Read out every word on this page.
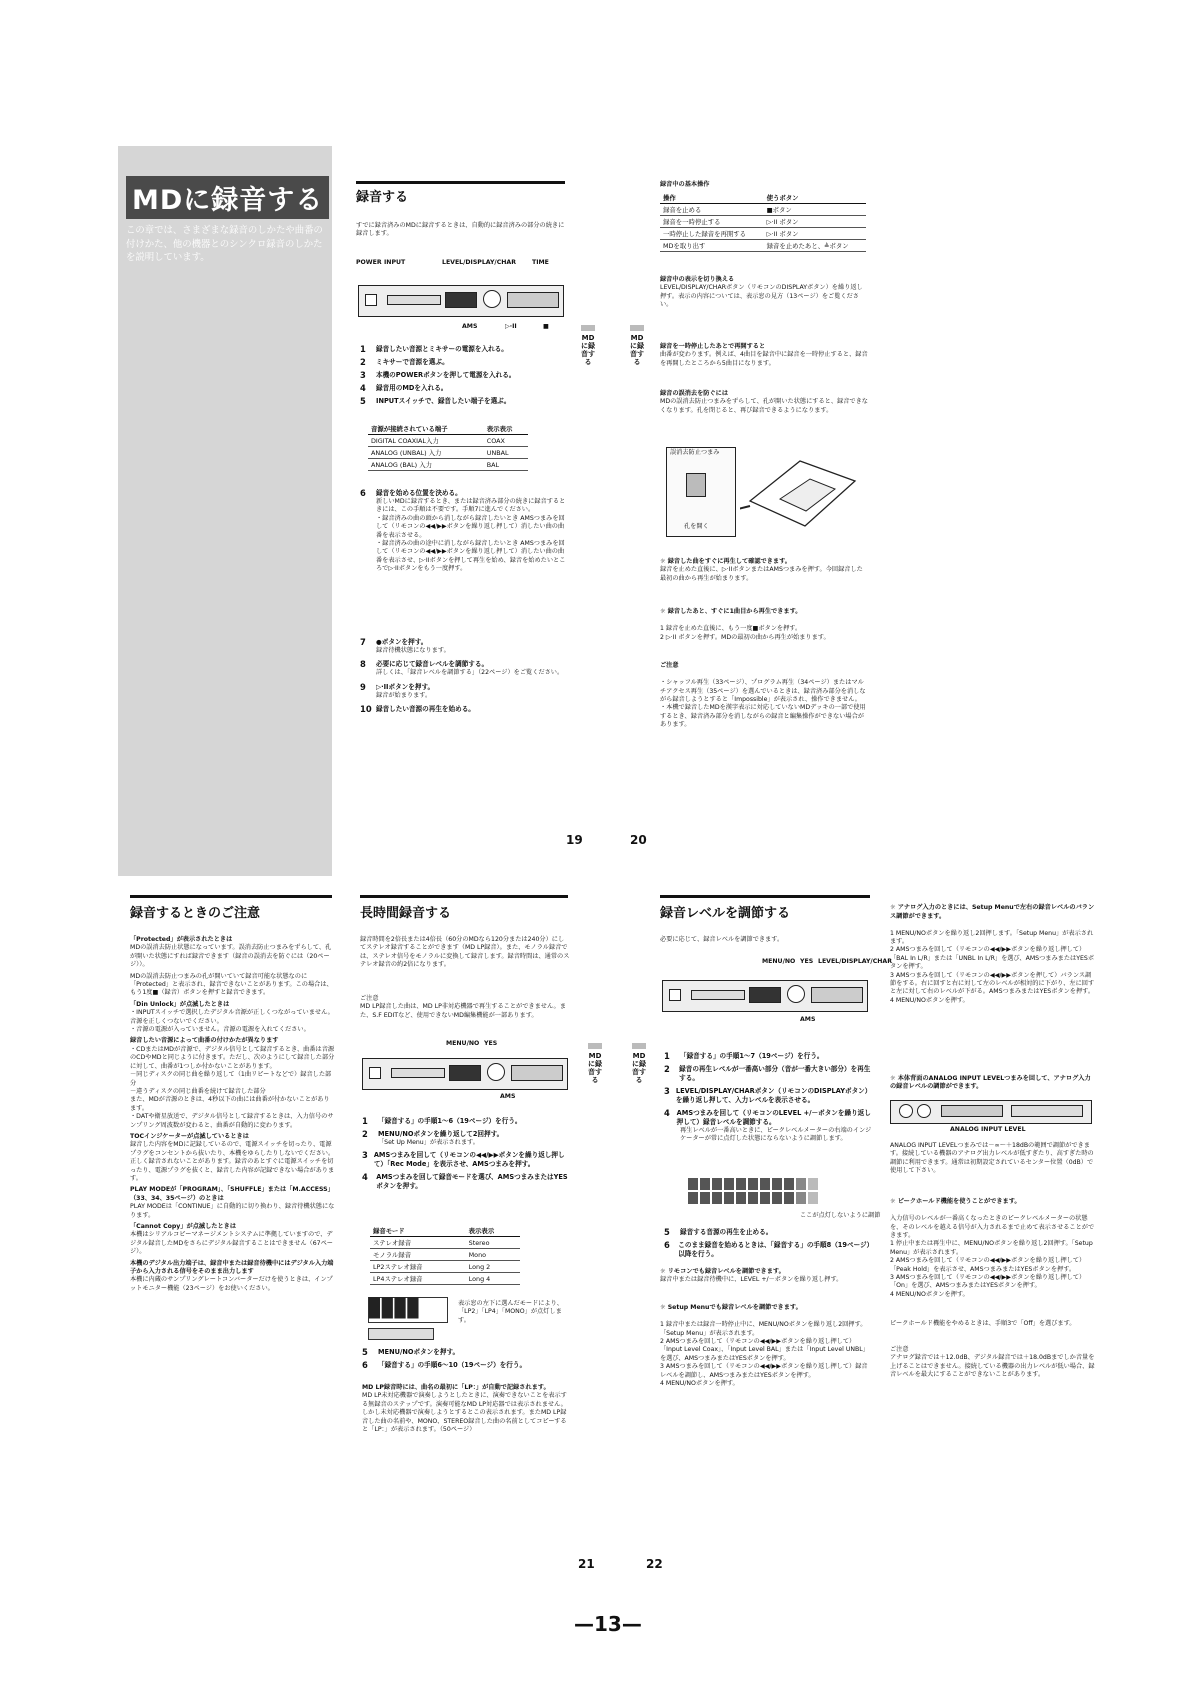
MDに録音する
この章では、さまざまな録音のしかたや曲番の付けかた、他の機器とのシンクロ録音のしかたを説明しています。
録音する
すでに録音済みのMDに録音するときは、自動的に録音済みの部分の続きに録音します。
POWER INPUT	LEVEL/DISPLAY/CHAR	TIME
AMS	▷·II	■
1	録音したい音源とミキサーの電源を入れる。
2	ミキサーで音源を選ぶ。
3	本機のPOWERボタンを押して電源を入れる。
4	録音用のMDを入れる。
5	INPUTスイッチで、録音したい端子を選ぶ。
音源が接続されている端子	表示表示
DIGITAL COAXIAL入力	COAX
ANALOG (UNBAL) 入力	UNBAL
ANALOG (BAL) 入力	BAL
6	録音を始める位置を決める。
新しいMDに録音するとき、または録音済み部分の続きに録音するときには、この手順は不要です。手順7に進んでください。
・録音済みの曲の頭から消しながら録音したいとき AMSつまみを回して（リモコンの◀◀/▶▶ボタンを繰り返し押して）消したい曲の曲番を表示させる。
・録音済みの曲の途中に消しながら録音したいとき AMSつまみを回して（リモコンの◀◀/▶▶ボタンを繰り返し押して）消したい曲の曲番を表示させ、▷·IIボタンを押して再生を始め、録音を始めたいところで▷·IIボタンをもう一度押す。
7	●ボタンを押す。
録音待機状態になります。
8	必要に応じて録音レベルを調節する。
詳しくは、「録音レベルを調節する」（22ページ）をご覧ください。
9	▷·IIボタンを押す。
録音が始まります。
10 録音したい音源の再生を始める。
MDに録音する
MDに録音する
録音中の基本操作
操作	使うボタン
録音を止める	■ボタン
録音を一時停止する	▷·II ボタン
一時停止した録音を再開する	▷·II ボタン
MDを取り出す	録音を止めたあと、≜ボタン
録音中の表示を切り換える
LEVEL/DISPLAY/CHARボタン（リモコンのDISPLAYボタン）を繰り返し押す。表示の内容については、表示窓の見方（13ページ）をご覧ください。
録音を一時停止したあとで再開すると
曲番が変わります。例えば、4曲目を録音中に録音を一時停止すると、録音を再開したところから5曲目になります。
録音の誤消去を防ぐには
MDの誤消去防止つまみをずらして、孔が開いた状態にすると、録音できなくなります。孔を閉じると、再び録音できるようになります。
誤消去防止つまみ
孔を開く
☼ 録音した曲をすぐに再生して確認できます。
録音を止めた直後に、▷·IIボタンまたはAMSつまみを押す。今回録音した最初の曲から再生が始まります。

☼ 録音したあと、すぐに1曲目から再生できます。

1 録音を止めた直後に、もう一度■ボタンを押す。
2 ▷·II ボタンを押す。MDの最初の曲から再生が始まります。

ご注意

・シャッフル再生（33ページ）、プログラム再生（34ページ）またはマルチアクセス再生（35ページ）を選んでいるときは、録音済み部分を消しながら録音しようとすると「Impossible」が表示され、操作できません。
・本機で録音したMDを漢字表示に対応していないMDデッキの一部で使用するとき、録音済み部分を消しながらの録音と編集操作ができない場合があります。

19	20
録音するときのご注意
「Protected」が表示されたときは
MDの誤消去防止状態になっています。誤消去防止つまみをずらして、孔が開いた状態にすれば録音できます（録音の誤消去を防ぐには（20ページ））。
MDの誤消去防止つまみの孔が開いていて録音可能な状態なのに「Protected」と表示され、録音できないことがあります。この場合は、もう1度■（録音）ボタンを押すと録音できます。
「Din Unlock」が点滅したときは
・INPUTスイッチで選択したデジタル音源が正しくつながっていません。音源を正しくつないでください。
・音源の電源が入っていません。音源の電源を入れてください。
録音したい音源によって曲番の付けかたが異なります
・CDまたはMDが音源で、デジタル信号として録音するとき、曲番は音源のCDやMDと同じように付きます。ただし、次のようにして録音した部分に対して、曲番が1つしか付かないことがあります。
－同じディスクの同じ曲を繰り返して（1曲リピートなどで）録音した部分
－違うディスクの同じ曲番を続けて録音した部分
また、MDが音源のときは、4秒以下の曲には曲番が付かないことがあります。
・DATや衛星放送で、デジタル信号として録音するときは、入力信号のサンプリング周波数が変わると、曲番が自動的に変わります。
TOCインジケーターが点滅しているときは
録音した内容をMDに記録しているので、電源スイッチを切ったり、電源プラグをコンセントから抜いたり、本機をゆらしたりしないでください。正しく録音されないことがあります。録音のあとすぐに電源スイッチを切ったり、電源プラグを抜くと、録音した内容が記録できない場合があります。
PLAY MODEが「PROGRAM」、「SHUFFLE」または「M.ACCESS」（33、34、35ページ）のときは
PLAY MODEは「CONTINUE」に自動的に切り換わり、録音待機状態になります。
「Cannot Copy」が点滅したときは
本機はシリアルコピーマネージメントシステムに準拠していますので、デジタル録音したMDをさらにデジタル録音することはできません（67ページ）。
本機のデジタル出力端子は、録音中または録音待機中にはデジタル入力端子から入力される信号をそのまま出力します
本機に内蔵のサンプリングレートコンバーターだけを使うときは、インプットモニター機能（23ページ）をお使いください。
長時間録音する
録音時間を2倍長または4倍長（60分のMDなら120分または240分）にしてステレオ録音することができます（MD LP録音）。また、モノラル録音では、ステレオ信号をモノラルに変換して録音します。録音時間は、通常のステレオ録音の約2倍になります。
ご注意
MD LP録音した曲は、MD LP非対応機器で再生することができません。また、S.F EDITなど、使用できないMD編集機能が一部あります。
MENU/NO YES
AMS
1	「録音する」の手順1～6（19ページ）を行う。
2	MENU/NOボタンを繰り返して2回押す。
「Set Up Menu」が表示されます。
3 AMSつまみを回して（リモコンの◀◀/▶▶ボタンを繰り返し押して）「Rec Mode」を表示させ、AMSつまみを押す。
4	AMSつまみを回して録音モードを選び、AMSつまみまたはYESボタンを押す。
録音モード	表示表示
ステレオ録音	Stereo
モノラル録音	Mono
LP2ステレオ録音	Long 2
LP4ステレオ録音	Long 4
████	表示窓の左下に選んだモードにより、「LP2」「LP4」「MONO」が点灯します。
5	MENU/NOボタンを押す。
6	「録音する」の手順6～10（19ページ）を行う。
MD LP録音時には、曲名の最初に「LP：」が自動で記録されます。
MD LP未対応機器で演奏しようとしたときに、演奏できないことを表示する無録音のステップです。演奏可能なMD LP対応器では表示されません。しかし未対応機器で演奏しようとするとこの表示されます。またMD LP録音した曲の名前や、MONO、STEREO録音した曲の名前としてコピーすると「LP：」が表示されます。（50ページ）
MDに録音する
MDに録音する
録音レベルを調節する
必要に応じて、録音レベルを調節できます。
MENU/NO YES LEVEL/DISPLAY/CHAR
AMS
1	「録音する」の手順1～7（19ページ）を行う。
2	録音の再生レベルが一番高い部分（音が一番大きい部分）を再生する。
3 LEVEL/DISPLAY/CHARボタン（リモコンのDISPLAYボタン）を繰り返し押して、入力レベルを表示させる。
4 AMSつまみを回して（リモコンのLEVEL +/－ボタンを繰り返し押して）録音レベルを調節する。
再生レベルが一番高いときに、ピークレベルメーターの右端のインジケーターが常に点灯した状態にならないように調節します。
ここが点灯しないように調節
5	録音する音源の再生を止める。
6	このまま録音を始めるときは、「録音する」の手順8（19ページ）以降を行う。
☼ リモコンでも録音レベルを調節できます。
録音中または録音待機中に、LEVEL +/－ボタンを繰り返し押す。

☼ Setup Menuでも録音レベルを調節できます。

1 録音中または録音一時停止中に、MENU/NOボタンを繰り返し2回押す。「Setup Menu」が表示されます。
2 AMSつまみを回して（リモコンの◀◀/▶▶ボタンを繰り返し押して）「Input Level Coax」、「Input Level BAL」または「Input Level UNBL」を選び、AMSつまみまたはYESボタンを押す。
3 AMSつまみを回して（リモコンの◀◀/▶▶ボタンを繰り返し押して）録音レベルを調節し、AMSつまみまたはYESボタンを押す。
4 MENU/NOボタンを押す。

☼ アナログ入力のときには、Setup Menuで左右の録音レベルのバランス調節ができます。

1 MENU/NOボタンを繰り返し2回押します。「Setup Menu」が表示されます。
2 AMSつまみを回して（リモコンの◀◀/▶▶ボタンを繰り返し押して）「BAL In L/R」または「UNBL In L/R」を選び、AMSつまみまたはYESボタンを押す。
3 AMSつまみを回して（リモコンの◀◀/▶▶ボタンを押して）バランス調節をする。右に回すと右に対して左のレベルが相対的に下がり、左に回すと左に対して右のレベルが下がる。AMSつまみまたはYESボタンを押す。
4 MENU/NOボタンを押す。

☼ 本体背面のANALOG INPUT LEVELつまみを回して、アナログ入力の録音レベルの調節ができます。
ANALOG INPUT LEVEL
ANALOG INPUT LEVELつまみでは－∞～＋18dBの範囲で調節ができます。接続している機器のアナログ出力レベルが低すぎたり、高すぎた時の調節に利用できます。通常は初期設定されているセンター位置（0dB）で使用して下さい。

☼ ピークホールド機能を使うことができます。

入力信号のレベルが一番高くなったときのピークレベルメーターの状態を、そのレベルを越える信号が入力されるまで止めて表示させることができます。
1 停止中または再生中に、MENU/NOボタンを繰り返し2回押す。「Setup Menu」が表示されます。
2 AMSつまみを回して（リモコンの◀◀/▶▶ボタンを繰り返し押して）「Peak Hold」を表示させ、AMSつまみまたはYESボタンを押す。
3 AMSつまみを回して（リモコンの◀◀/▶▶ボタンを繰り返し押して）「On」を選び、AMSつまみまたはYESボタンを押す。
4 MENU/NOボタンを押す。

ピークホールド機能をやめるときは、手順3で「Off」を選びます。
ご注意
アナログ録音では＋12.0dB、デジタル録音では＋18.0dBまでしか音量を上げることはできません。接続している機器の出力レベルが低い場合、録音レベルを最大にすることができないことがあります。
21	22
—13—
